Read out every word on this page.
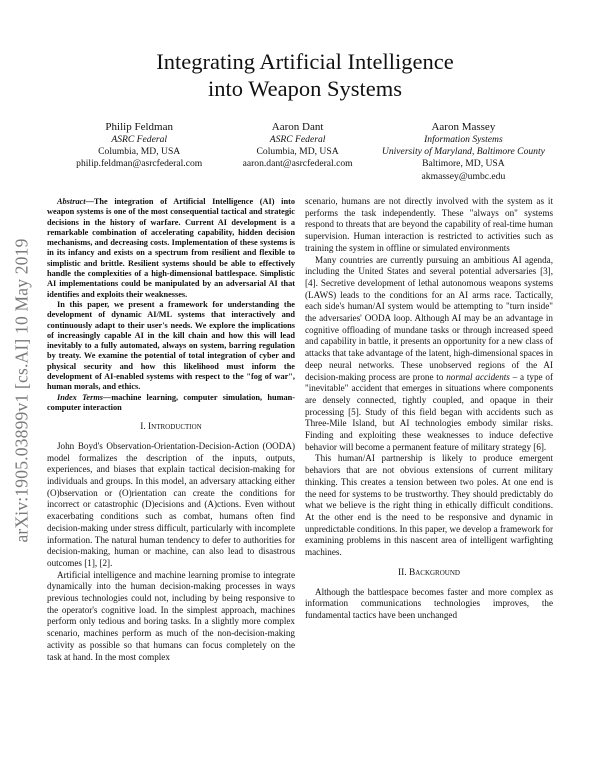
arXiv:1905.03899v1 [cs.AI] 10 May 2019
Integrating Artificial Intelligence
into Weapon Systems
Philip Feldman
ASRC Federal
Columbia, MD, USA
philip.feldman@asrcfederal.com
Aaron Dant
ASRC Federal
Columbia, MD, USA
aaron.dant@asrcfederal.com
Aaron Massey
Information Systems
University of Maryland, Baltimore County
Baltimore, MD, USA
akmassey@umbc.edu

Abstract—The integration of Artificial Intelligence (AI) into weapon systems is one of the most consequential tactical and strategic decisions in the history of warfare. Current AI development is a remarkable combination of accelerating capability, hidden decision mechanisms, and decreasing costs. Implementation of these systems is in its infancy and exists on a spectrum from resilient and flexible to simplistic and brittle. Resilient systems should be able to effectively handle the complexities of a high-dimensional battlespace. Simplistic AI implementations could be manipulated by an adversarial AI that identifies and exploits their weaknesses.

In this paper, we present a framework for understanding the development of dynamic AI/ML systems that interactively and continuously adapt to their user's needs. We explore the implications of increasingly capable AI in the kill chain and how this will lead inevitably to a fully automated, always on system, barring regulation by treaty. We examine the potential of total integration of cyber and physical security and how this likelihood must inform the development of AI-enabled systems with respect to the "fog of war", human morals, and ethics.

Index Terms—machine learning, computer simulation, human-computer interaction

I. Introduction

John Boyd's Observation-Orientation-Decision-Action (OODA) model formalizes the description of the inputs, outputs, experiences, and biases that explain tactical decision-making for individuals and groups. In this model, an adversary attacking either (O)bservation or (O)rientation can create the conditions for incorrect or catastrophic (D)ecisions and (A)ctions. Even without exacerbating conditions such as combat, humans often find decision-making under stress difficult, particularly with incomplete information. The natural human tendency to defer to authorities for decision-making, human or machine, can also lead to disastrous outcomes [1], [2].

Artificial intelligence and machine learning promise to integrate dynamically into the human decision-making processes in ways previous technologies could not, including by being responsive to the operator's cognitive load. In the simplest approach, machines perform only tedious and boring tasks. In a slightly more complex scenario, machines perform as much of the non-decision-making activity as possible so that humans can focus completely on the task at hand. In the most complex

scenario, humans are not directly involved with the system as it performs the task independently. These "always on" systems respond to threats that are beyond the capability of real-time human supervision. Human interaction is restricted to activities such as training the system in offline or simulated environments

Many countries are currently pursuing an ambitious AI agenda, including the United States and several potential adversaries [3], [4]. Secretive development of lethal autonomous weapons systems (LAWS) leads to the conditions for an AI arms race. Tactically, each side's human/AI system would be attempting to "turn inside" the adversaries' OODA loop. Although AI may be an advantage in cognitive offloading of mundane tasks or through increased speed and capability in battle, it presents an opportunity for a new class of attacks that take advantage of the latent, high-dimensional spaces in deep neural networks. These unobserved regions of the AI decision-making process are prone to normal accidents – a type of "inevitable" accident that emerges in situations where components are densely connected, tightly coupled, and opaque in their processing [5]. Study of this field began with accidents such as Three-Mile Island, but AI technologies embody similar risks. Finding and exploiting these weaknesses to induce defective behavior will become a permanent feature of military strategy [6].

This human/AI partnership is likely to produce emergent behaviors that are not obvious extensions of current military thinking. This creates a tension between two poles. At one end is the need for systems to be trustworthy. They should predictably do what we believe is the right thing in ethically difficult conditions. At the other end is the need to be responsive and dynamic in unpredictable conditions. In this paper, we develop a framework for examining problems in this nascent area of intelligent warfighting machines.

II. Background

Although the battlespace becomes faster and more complex as information communications technologies improves, the fundamental tactics have been unchanged
